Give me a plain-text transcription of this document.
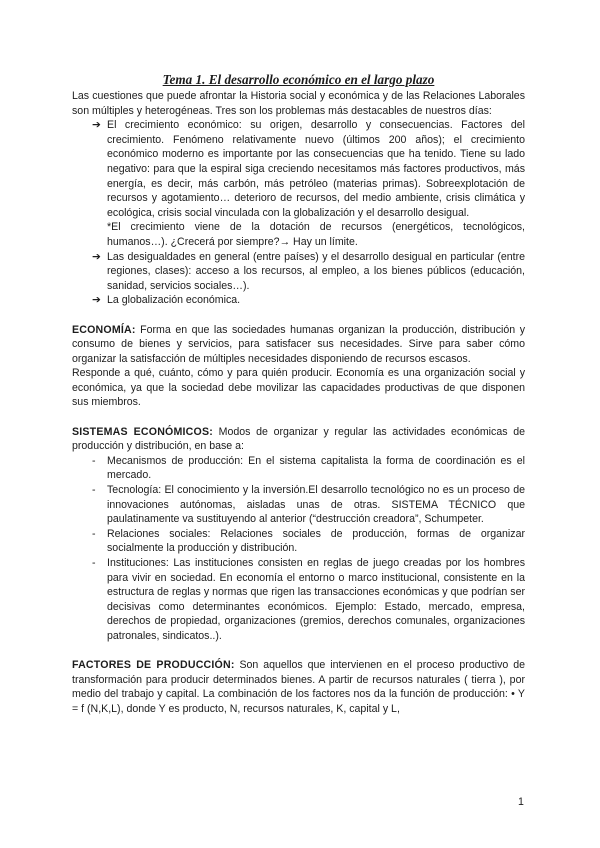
Tema 1. El desarrollo económico en el largo plazo

Las cuestiones que puede afrontar la Historia social y económica y de las Relaciones Laborales son múltiples y heterogéneas. Tres son los problemas más destacables de nuestros días:

➔ El crecimiento económico: su origen, desarrollo y consecuencias. Factores del crecimiento. Fenómeno relativamente nuevo (últimos 200 años); el crecimiento económico moderno es importante por las consecuencias que ha tenido. Tiene su lado negativo: para que la espiral siga creciendo necesitamos más factores productivos, más energía, es decir, más carbón, más petróleo (materias primas). Sobreexplotación de recursos y agotamiento… deterioro de recursos, del medio ambiente, crisis climática y ecológica, crisis social vinculada con la globalización y el desarrollo desigual.
*El crecimiento viene de la dotación de recursos (energéticos, tecnológicos, humanos…). ¿Crecerá por siempre?→ Hay un límite.
➔ Las desigualdades en general (entre países) y el desarrollo desigual en particular (entre regiones, clases): acceso a los recursos, al empleo, a los bienes públicos (educación, sanidad, servicios sociales…).
➔ La globalización económica.

ECONOMÍA: Forma en que las sociedades humanas organizan la producción, distribución y consumo de bienes y servicios, para satisfacer sus necesidades. Sirve para saber cómo organizar la satisfacción de múltiples necesidades disponiendo de recursos escasos.

Responde a qué, cuánto, cómo y para quién producir. Economía es una organización social y económica, ya que la sociedad debe movilizar las capacidades productivas de que disponen sus miembros.

SISTEMAS ECONÓMICOS: Modos de organizar y regular las actividades económicas de producción y distribución, en base a:

- Mecanismos de producción: En el sistema capitalista la forma de coordinación es el mercado.
- Tecnología: El conocimiento y la inversión.El desarrollo tecnológico no es un proceso de innovaciones autónomas, aisladas unas de otras. SISTEMA TÉCNICO que paulatinamente va sustituyendo al anterior (“destrucción creadora”, Schumpeter.
- Relaciones sociales: Relaciones sociales de producción, formas de organizar socialmente la producción y distribución.
- Instituciones: Las instituciones consisten en reglas de juego creadas por los hombres para vivir en sociedad. En economía el entorno o marco institucional, consistente en la estructura de reglas y normas que rigen las transacciones económicas y que podrían ser decisivas como determinantes económicos. Ejemplo: Estado, mercado, empresa, derechos de propiedad, organizaciones (gremios, derechos comunales, organizaciones patronales, sindicatos..).

FACTORES DE PRODUCCIÓN: Son aquellos que intervienen en el proceso productivo de transformación para producir determinados bienes. A partir de recursos naturales ( tierra ), por medio del trabajo y capital. La combinación de los factores nos da la función de producción: • Y = f (N,K,L), donde Y es producto, N, recursos naturales, K, capital y L,

1
